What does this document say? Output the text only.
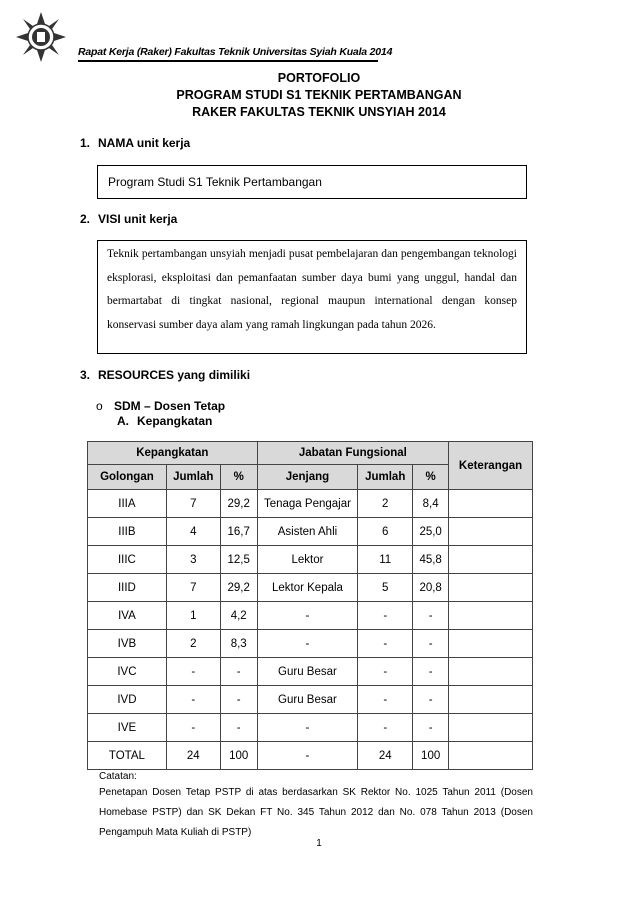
Rapat Kerja (Raker) Fakultas Teknik Universitas Syiah Kuala 2014
PORTOFOLIO
PROGRAM STUDI S1 TEKNIK PERTAMBANGAN
RAKER FAKULTAS TEKNIK UNSYIAH 2014
1. NAMA unit kerja
Program Studi S1 Teknik Pertambangan
2. VISI unit kerja
Teknik pertambangan unsyiah menjadi pusat pembelajaran dan pengembangan teknologi eksplorasi, eksploitasi dan pemanfaatan sumber daya bumi yang unggul, handal dan bermartabat di tingkat nasional, regional maupun international dengan konsep konservasi sumber daya alam yang ramah lingkungan pada tahun 2026.
3. RESOURCES yang dimiliki
o SDM – Dosen Tetap
A. Kepangkatan
Kepangkatan			Jabatan Fungsional			Keterangan
Golongan	Jumlah	%	Jenjang	Jumlah	%	
IIIA	7	29,2	Tenaga Pengajar	2	8,4	
IIIB	4	16,7	Asisten Ahli	6	25,0	
IIIC	3	12,5	Lektor	11	45,8	
IIID	7	29,2	Lektor Kepala	5	20,8	
IVA	1	4,2	-	-	-	
IVB	2	8,3	-	-	-	
IVC	-	-	Guru Besar	-	-	
IVD	-	-	Guru Besar	-	-	
IVE	-	-	-	-	-	
TOTAL	24	100	-	24	100	
Catatan:
Penetapan Dosen Tetap PSTP di atas berdasarkan SK Rektor No. 1025 Tahun 2011 (Dosen Homebase PSTP) dan SK Dekan FT No. 345 Tahun 2012 dan No. 078 Tahun 2013 (Dosen Pengampuh Mata Kuliah di PSTP)
1
